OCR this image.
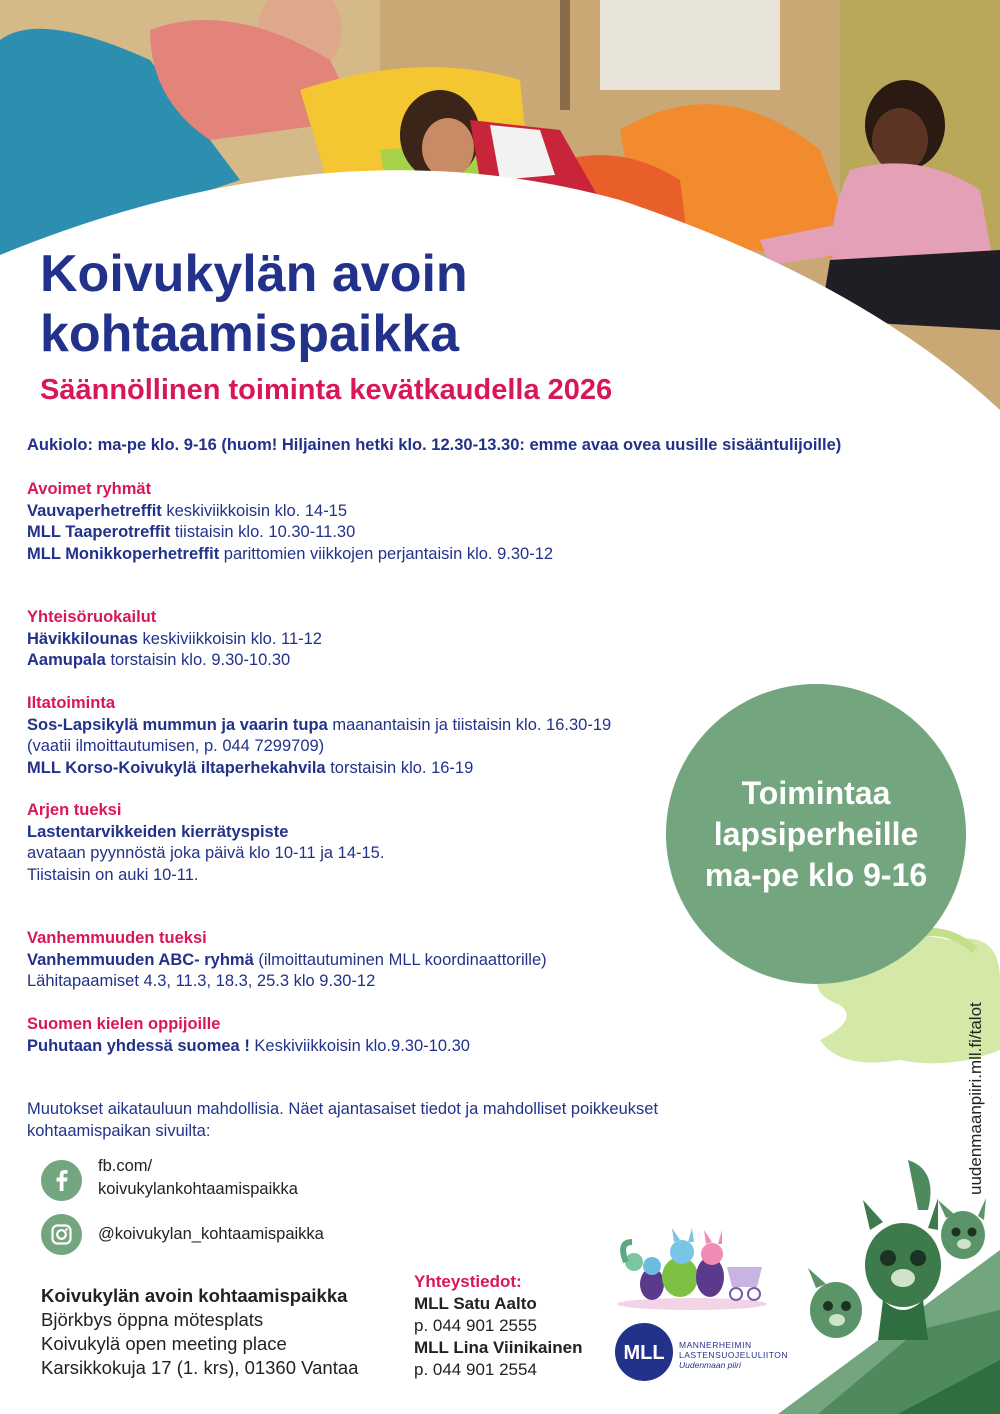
Koivukylän avoin
kohtaamispaikka
Säännöllinen toiminta kevätkaudella 2026
Aukiolo: ma-pe klo. 9-16 (huom! Hiljainen hetki klo. 12.30-13.30: emme avaa ovea uusille sisääntulijoille)
Avoimet ryhmät
Vauvaperhetreffit keskiviikkoisin klo. 14-15
MLL Taaperotreffit tiistaisin klo. 10.30-11.30
MLL Monikkoperhetreffit parittomien viikkojen perjantaisin klo. 9.30-12
Yhteisöruokailut
Hävikkilounas keskiviikkoisin klo. 11-12
Aamupala torstaisin klo. 9.30-10.30
Iltatoiminta
Sos-Lapsikylä mummun ja vaarin tupa maanantaisin ja tiistaisin klo. 16.30-19
(vaatii ilmoittautumisen, p. 044 7299709)
MLL Korso-Koivukylä iltaperhekahvila torstaisin klo. 16-19
Arjen tueksi
Lastentarvikkeiden kierrätyspiste
avataan pyynnöstä joka päivä klo 10-11 ja 14-15.
Tiistaisin on auki 10-11.
Vanhemmuuden tueksi
Vanhemmuuden ABC- ryhmä (ilmoittautuminen MLL koordinaattorille)
Lähitapaamiset 4.3, 11.3, 18.3, 25.3 klo 9.30-12
Suomen kielen oppijoille
Puhutaan yhdessä suomea ! Keskiviikkoisin klo.9.30-10.30
Toimintaa
lapsiperheille
ma-pe klo 9-16
Muutokset aikatauluun mahdollisia. Näet ajantasaiset tiedot ja mahdolliset poikkeukset kohtaamispaikan sivuilta:
fb.com/
koivukylankohtaamispaikka
@koivukylan_kohtaamispaikka
Koivukylän avoin kohtaamispaikka
Björkbys öppna mötesplats
Koivukylä open meeting place
Karsikkokuja 17 (1. krs), 01360 Vantaa
Yhteystiedot:
MLL Satu Aalto
p. 044 901 2555
MLL Lina Viinikainen
p. 044 901 2554
MLL MANNERHEIMIN
LASTENSUOJELULIITON
Uudenmaan piiri
uudenmaanpiiri.mll.fi/talot
